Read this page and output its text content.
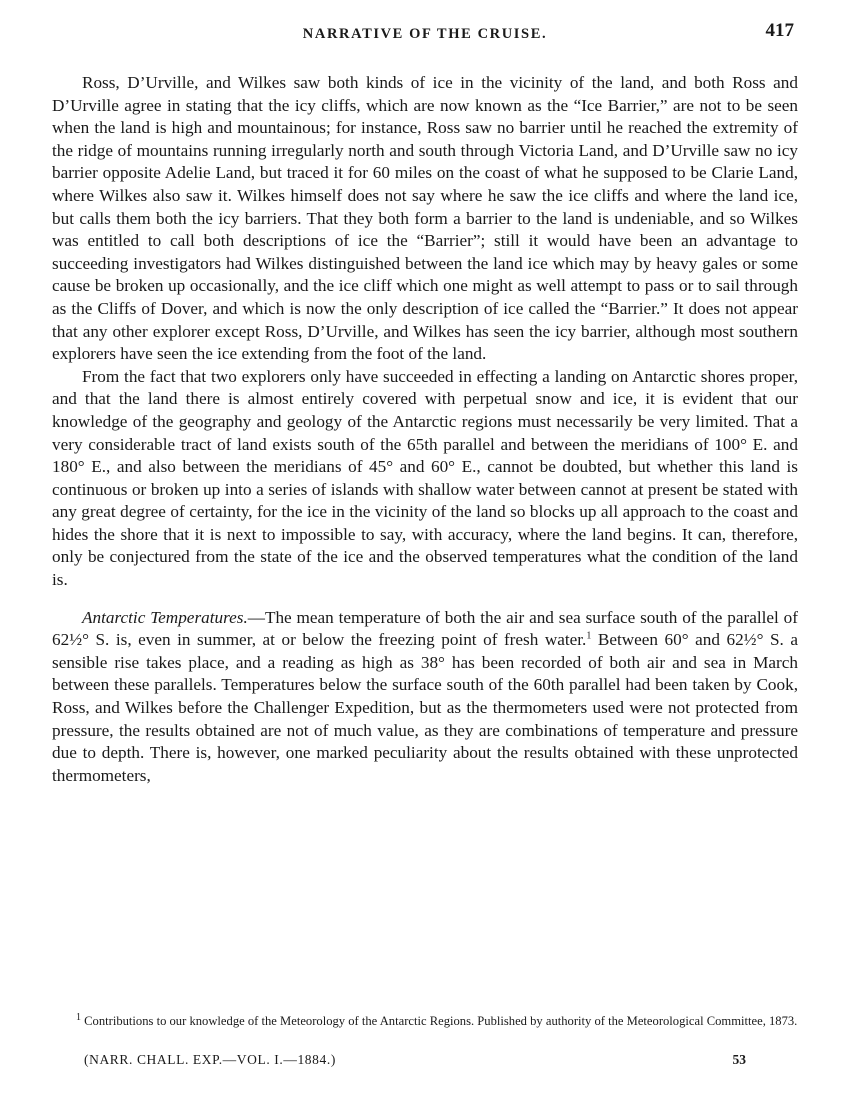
NARRATIVE OF THE CRUISE.	417

Ross, D’Urville, and Wilkes saw both kinds of ice in the vicinity of the land, and both Ross and D’Urville agree in stating that the icy cliffs, which are now known as the “Ice Barrier,” are not to be seen when the land is high and mountainous; for instance, Ross saw no barrier until he reached the extremity of the ridge of mountains running irregularly north and south through Victoria Land, and D’Urville saw no icy barrier opposite Adelie Land, but traced it for 60 miles on the coast of what he supposed to be Clarie Land, where Wilkes also saw it. Wilkes himself does not say where he saw the ice cliffs and where the land ice, but calls them both the icy barriers. That they both form a barrier to the land is undeniable, and so Wilkes was entitled to call both descriptions of ice the “Barrier”; still it would have been an advantage to succeeding investigators had Wilkes distinguished between the land ice which may by heavy gales or some cause be broken up occasionally, and the ice cliff which one might as well attempt to pass or to sail through as the Cliffs of Dover, and which is now the only description of ice called the “Barrier.” It does not appear that any other explorer except Ross, D’Urville, and Wilkes has seen the icy barrier, although most southern explorers have seen the ice extending from the foot of the land.

From the fact that two explorers only have succeeded in effecting a landing on Antarctic shores proper, and that the land there is almost entirely covered with perpetual snow and ice, it is evident that our knowledge of the geography and geology of the Antarctic regions must necessarily be very limited. That a very considerable tract of land exists south of the 65th parallel and between the meridians of 100° E. and 180° E., and also between the meridians of 45° and 60° E., cannot be doubted, but whether this land is continuous or broken up into a series of islands with shallow water between cannot at present be stated with any great degree of certainty, for the ice in the vicinity of the land so blocks up all approach to the coast and hides the shore that it is next to impossible to say, with accuracy, where the land begins. It can, therefore, only be conjectured from the state of the ice and the observed temperatures what the condition of the land is.

Antarctic Temperatures.—The mean temperature of both the air and sea surface south of the parallel of 62½° S. is, even in summer, at or below the freezing point of fresh water.$^1$ Between 60° and 62½° S. a sensible rise takes place, and a reading as high as 38° has been recorded of both air and sea in March between these parallels. Temperatures below the surface south of the 60th parallel had been taken by Cook, Ross, and Wilkes before the Challenger Expedition, but as the thermometers used were not protected from pressure, the results obtained are not of much value, as they are combinations of temperature and pressure due to depth. There is, however, one marked peculiarity about the results obtained with these unprotected thermometers,

$^1$ Contributions to our knowledge of the Meteorology of the Antarctic Regions. Published by authority of the Meteorological Committee, 1873.

(NARR. CHALL. EXP.—VOL. I.—1884.)	53
